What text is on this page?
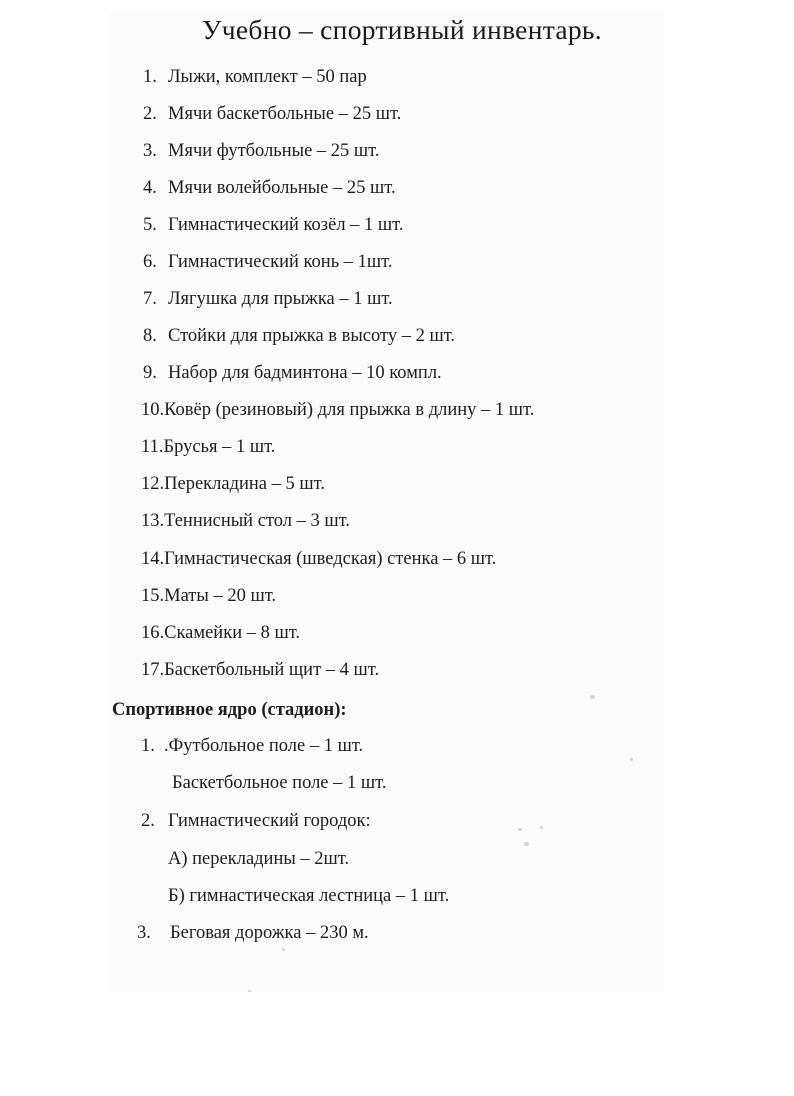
Учебно – спортивный инвентарь.
1. Лыжи, комплект – 50 пар
2. Мячи баскетбольные – 25 шт.
3. Мячи футбольные – 25 шт.
4. Мячи волейбольные – 25 шт.
5. Гимнастический козёл – 1 шт.
6. Гимнастический конь – 1шт.
7. Лягушка для прыжка – 1 шт.
8. Стойки для прыжка в высоту – 2 шт.
9. Набор для бадминтона – 10 компл.
10.Ковёр (резиновый) для прыжка в длину – 1 шт.
11.Брусья – 1 шт.
12.Перекладина – 5 шт.
13.Теннисный стол – 3 шт.
14.Гимнастическая (шведская) стенка – 6 шт.
15.Маты – 20 шт.
16.Скамейки – 8 шт.
17.Баскетбольный щит – 4 шт.
Спортивное ядро (стадион):
1. .Футбольное поле – 1 шт.
Баскетбольное поле – 1 шт.
2. Гимнастический городок:
А) перекладины – 2шт.
Б) гимнастическая лестница – 1 шт.
3. Беговая дорожка – 230 м.
